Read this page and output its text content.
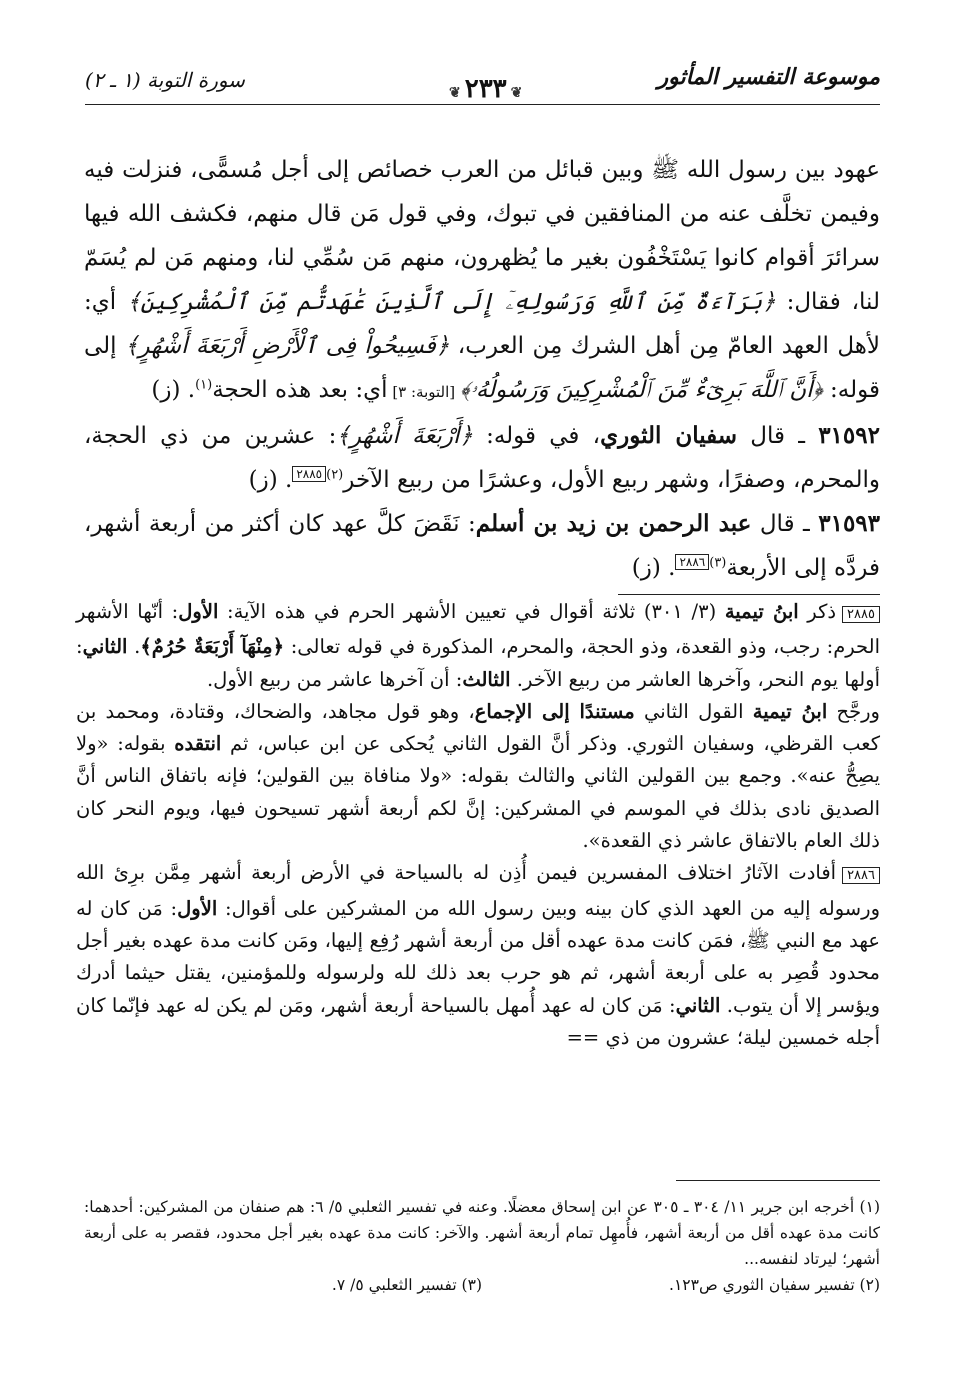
سورة التوبة (١ ـ ٢)
❦ ٢٣٣ ❦
موسوعة التفسير المأثور

عهود بين رسول الله ﷺ وبين قبائل من العرب خصائص إلى أجل مُسمًّى، فنزلت فيه وفيمن تخلَّف عنه من المنافقين في تبوك، وفي قول مَن قال منهم، فكشف الله فيها سرائرَ أقوام كانوا يَسْتَخْفُون بغير ما يُظهرون، منهم مَن سُمِّي لنا، ومنهم مَن لم يُسَمّ لنا، فقال: ﴿بَرَآءَةٌ مِّنَ ٱللَّهِ وَرَسُولِهِۦٓ إِلَى ٱلَّذِينَ عَٰهَدتُّم مِّنَ ٱلْمُشْرِكِينَ﴾ أي: لأهل العهد العامّ مِن أهل الشرك مِن العرب، ﴿فَسِيحُواْ فِى ٱلْأَرْضِ أَرْبَعَةَ أَشْهُرٍ﴾ إلى قوله: ﴿أَنَّ ٱللَّهَ بَرِىٓءٌ مِّنَ ٱلْمُشْرِكِينَ وَرَسُولُهُۥ﴾ [التوبة: ٣] أي: بعد هذه الحجة$^{(١)}$. (ز)

٣١٥٩٢ ـ قال سفيان الثوري، في قوله: ﴿أَرْبَعَةَ أَشْهُرٍ﴾: عشرين من ذي الحجة، والمحرم، وصفرًا، وشهر ربيع الأول، وعشرًا من ربيع الآخر$^{(٢)٢٨٨٥}$. (ز)

٣١٥٩٣ ـ قال عبد الرحمن بن زيد بن أسلم: نَقَضَ كلَّ عهد كان أكثر من أربعة أشهر، فردَّه إلى الأربعة$^{(٣)٢٨٨٦}$. (ز)

٢٨٨٥ذكر ابنُ تيمية (٣/ ٣٠١) ثلاثة أقوال في تعيين الأشهر الحرم في هذه الآية: الأول: أنّها الأشهر الحرم: رجب، وذو القعدة، وذو الحجة، والمحرم، المذكورة في قوله تعالى: ﴿مِنْهَآ أَرْبَعَةٌ حُرُمٌ﴾. الثاني: أولها يوم النحر، وآخرها العاشر من ربيع الآخر. الثالث: أن آخرها عاشر من ربيع الأول.

ورجَّح ابنُ تيمية القول الثاني مستندًا إلى الإجماع، وهو قول مجاهد، والضحاك، وقتادة، ومحمد بن كعب القرظي، وسفيان الثوري. وذكر أنَّ القول الثاني يُحكى عن ابن عباس، ثم انتقده بقوله: «ولا يصِحُّ عنه». وجمع بين القولين الثاني والثالث بقوله: «ولا منافاة بين القولين؛ فإنه باتفاق الناس أنَّ الصديق نادى بذلك في الموسم في المشركين: إنَّ لكم أربعة أشهر تسيحون فيها، ويوم النحر كان ذلك العام بالاتفاق عاشر ذي القعدة».

٢٨٨٦أفادت الآثارُ اختلاف المفسرين فيمن أُذِن له بالسياحة في الأرض أربعة أشهر مِمَّن برِئ الله ورسوله إليه من العهد الذي كان بينه وبين رسول الله من المشركين على أقوال: الأول: مَن كان له عهد مع النبي ﷺ، فمَن كانت مدة عهده أقل من أربعة أشهر رُفِع إليها، ومَن كانت مدة عهده بغير أجل محدود قُصِر به على أربعة أشهر، ثم هو حرب بعد ذلك لله ولرسوله وللمؤمنين، يقتل حيثما أدرك ويؤسر إلا أن يتوب. الثاني: مَن كان له عهد أُمهل بالسياحة أربعة أشهر، ومَن لم يكن له عهد فإنّما كان أجله خمسين ليلة؛ عشرون من ذي ==

(١) أخرجه ابن جرير ١١/ ٣٠٤ ـ ٣٠٥ عن ابن إسحاق معضلًا. وعنه في تفسير الثعلبي ٥/ ٦: هم صنفان من المشركين: أحدهما: كانت مدة عهده أقل من أربعة أشهر، فأُمهِل تمام أربعة أشهر. والآخر: كانت مدة عهده بغير أجل محدود، فقصر به على أربعة أشهر؛ ليرتاد لنفسه...

(٢) تفسير سفيان الثوري ص١٢٣.
(٣) تفسير الثعلبي ٥/ ٧.
